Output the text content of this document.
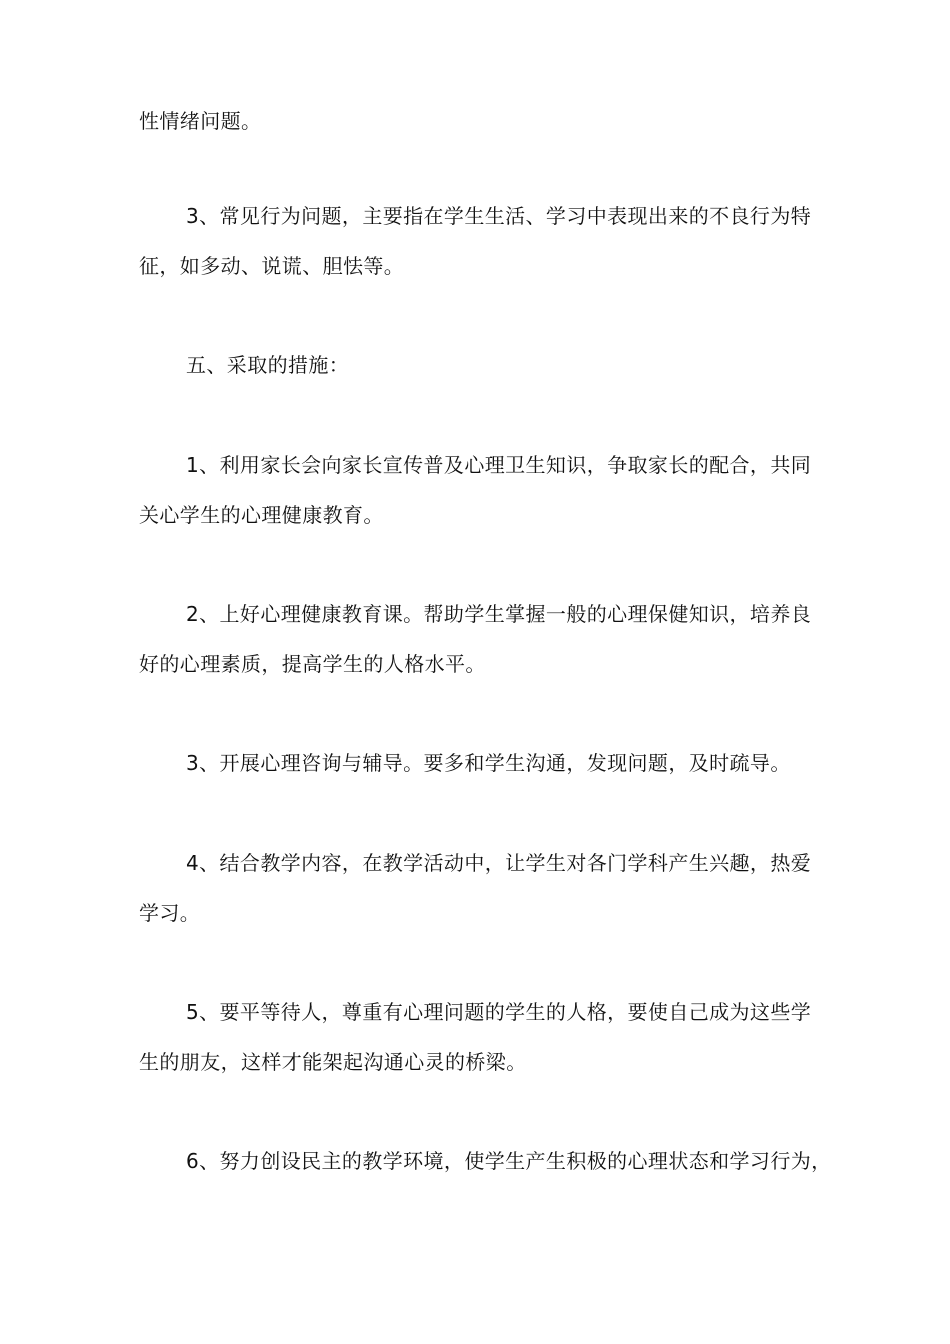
性情绪问题。
3、常见行为问题，主要指在学生生活、学习中表现出来的不良行为特
征，如多动、说谎、胆怯等。
五、采取的措施：
1、利用家长会向家长宣传普及心理卫生知识，争取家长的配合，共同
关心学生的心理健康教育。
2、上好心理健康教育课。帮助学生掌握一般的心理保健知识，培养良
好的心理素质，提高学生的人格水平。
3、开展心理咨询与辅导。要多和学生沟通，发现问题，及时疏导。
4、结合教学内容，在教学活动中，让学生对各门学科产生兴趣，热爱
学习。
5、要平等待人，尊重有心理问题的学生的人格，要使自己成为这些学
生的朋友，这样才能架起沟通心灵的桥梁。
6、努力创设民主的教学环境，使学生产生积极的心理状态和学习行为，
